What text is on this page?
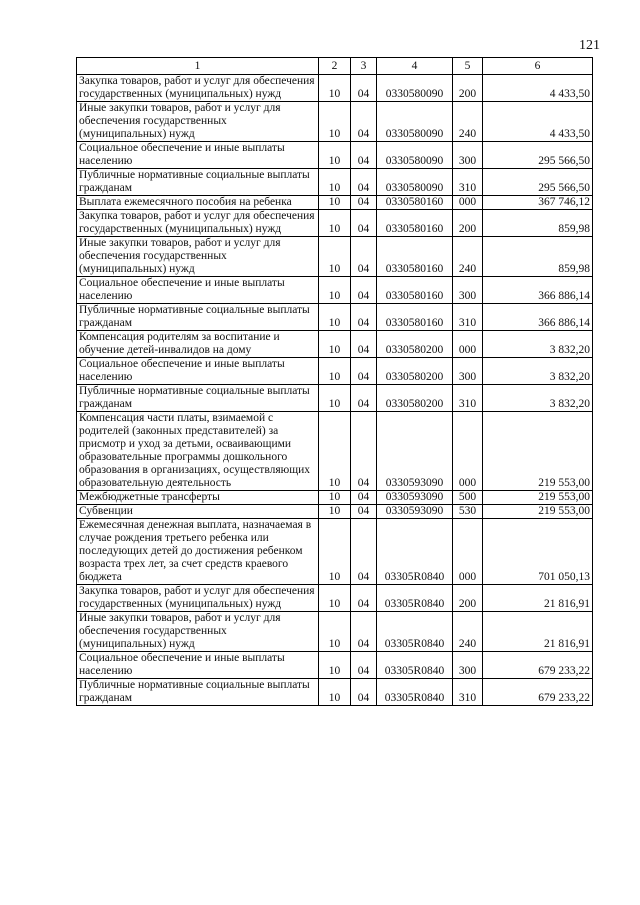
121
1	2	3	4	5	6
Закупка товаров, работ и услуг для обеспечения государственных (муниципальных) нужд	10	04	0330580090	200	4 433,50
Иные закупки товаров, работ и услуг для обеспечения государственных (муниципальных) нужд	10	04	0330580090	240	4 433,50
Социальное обеспечение и иные выплаты населению	10	04	0330580090	300	295 566,50
Публичные нормативные социальные выплаты гражданам	10	04	0330580090	310	295 566,50
Выплата ежемесячного пособия на ребенка	10	04	0330580160	000	367 746,12
Закупка товаров, работ и услуг для обеспечения государственных (муниципальных) нужд	10	04	0330580160	200	859,98
Иные закупки товаров, работ и услуг для обеспечения государственных (муниципальных) нужд	10	04	0330580160	240	859,98
Социальное обеспечение и иные выплаты населению	10	04	0330580160	300	366 886,14
Публичные нормативные социальные выплаты гражданам	10	04	0330580160	310	366 886,14
Компенсация родителям за воспитание и обучение детей-инвалидов на дому	10	04	0330580200	000	3 832,20
Социальное обеспечение и иные выплаты населению	10	04	0330580200	300	3 832,20
Публичные нормативные социальные выплаты гражданам	10	04	0330580200	310	3 832,20
Компенсация части платы, взимаемой с родителей (законных представителей) за присмотр и уход за детьми, осваивающими образовательные программы дошкольного образования в организациях, осуществляющих образовательную деятельность	10	04	0330593090	000	219 553,00
Межбюджетные трансферты	10	04	0330593090	500	219 553,00
Субвенции	10	04	0330593090	530	219 553,00
Ежемесячная денежная выплата, назначаемая в случае рождения третьего ребенка или последующих детей до достижения ребенком возраста трех лет, за счет средств краевого бюджета	10	04	03305R0840	000	701 050,13
Закупка товаров, работ и услуг для обеспечения государственных (муниципальных) нужд	10	04	03305R0840	200	21 816,91
Иные закупки товаров, работ и услуг для обеспечения государственных (муниципальных) нужд	10	04	03305R0840	240	21 816,91
Социальное обеспечение и иные выплаты населению	10	04	03305R0840	300	679 233,22
Публичные нормативные социальные выплаты гражданам	10	04	03305R0840	310	679 233,22
